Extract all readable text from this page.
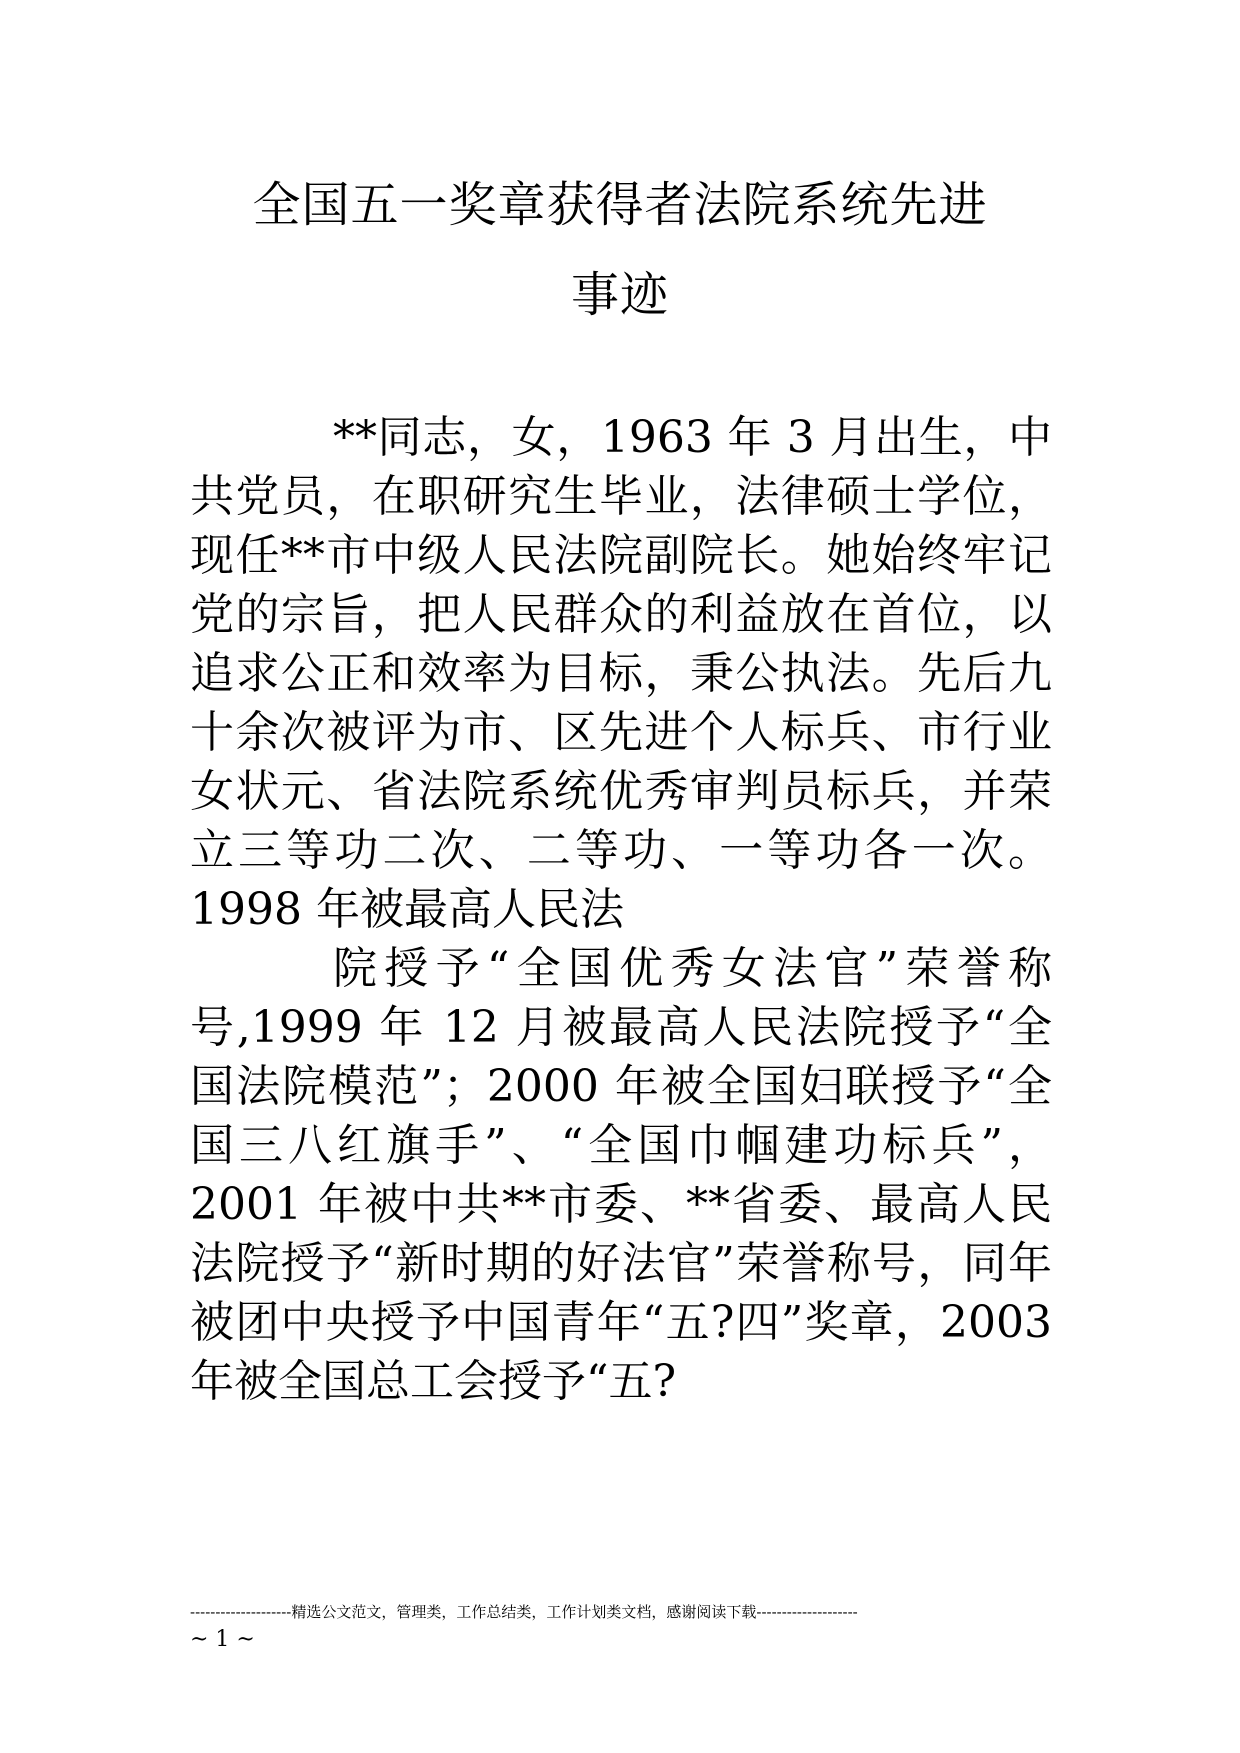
全国五一奖章获得者法院系统先进
事迹

**同志，女，1963 年 3 月出生，中共党员，在职研究生毕业，法律硕士学位，现任**市中级人民法院副院长。她始终牢记党的宗旨，把人民群众的利益放在首位，以追求公正和效率为目标，秉公执法。先后九十余次被评为市、区先进个人标兵、市行业女状元、省法院系统优秀审判员标兵，并荣立三等功二次、二等功、一等功各一次。1998 年被最高人民法

院授予“全国优秀女法官”荣誉称号,1999 年 12 月被最高人民法院授予“全国法院模范”；2000 年被全国妇联授予“全国三八红旗手”、“全国巾帼建功标兵”，2001 年被中共**市委、**省委、最高人民法院授予“新时期的好法官”荣誉称号，同年被团中央授予中国青年“五?四”奖章，2003 年被全国总工会授予“五?

--------------------精选公文范文，管理类，工作总结类，工作计划类文档，感谢阅读下载--------------------
~ 1 ~
